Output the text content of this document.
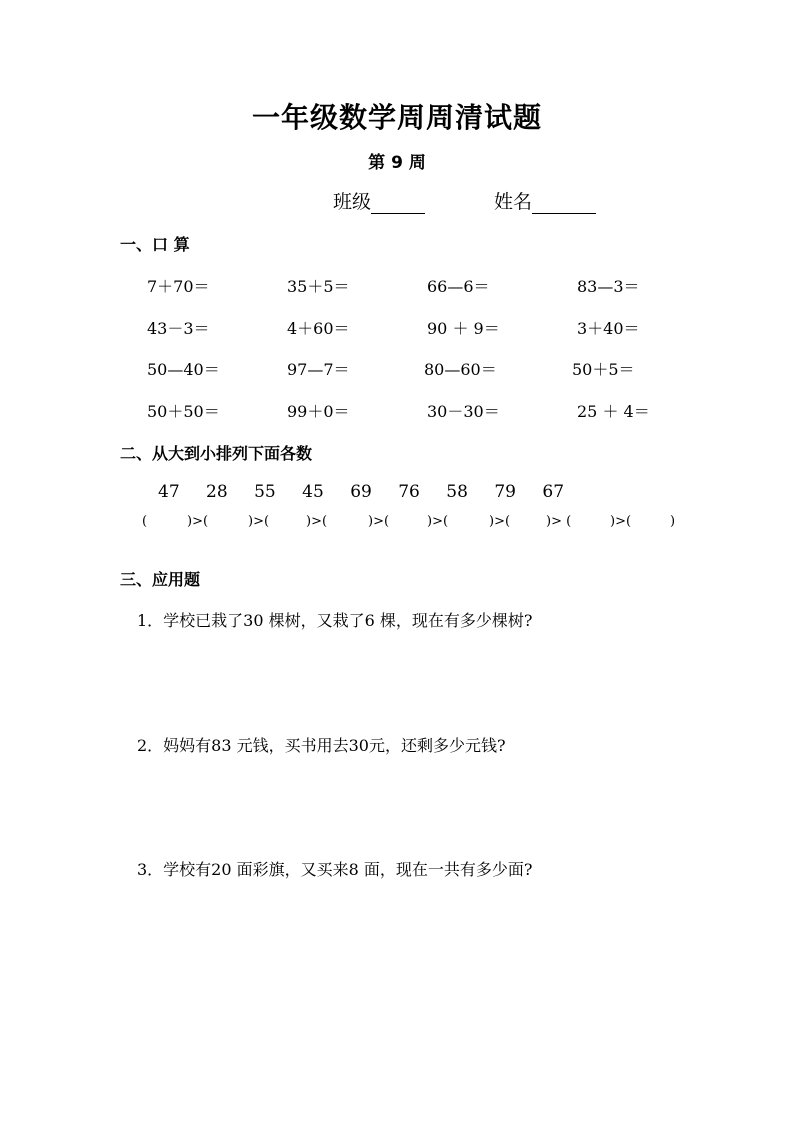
一年级数学周周清试题
第 9 周
班级	姓名
一、口 算
7＋70＝	35＋5＝	66—6＝	83—3＝
43－3＝	4＋60＝	90 ＋ 9＝	3＋40＝
50—40＝	97—7＝	80—60＝	50＋5＝
50＋50＝	99＋0＝	30－30＝	25 ＋ 4＝
二、从大到小排列下面各数
47 28 55 45 69 76 58 79 67
(	)>(	)>(	)>(	)>(	)>(	)>(	)> (	)>(	)
三、应用题
1．学校已栽了30 棵树，又栽了6 棵，现在有多少棵树?
2．妈妈有83 元钱，买书用去30元，还剩多少元钱?
3．学校有20 面彩旗，又买来8 面，现在一共有多少面?
